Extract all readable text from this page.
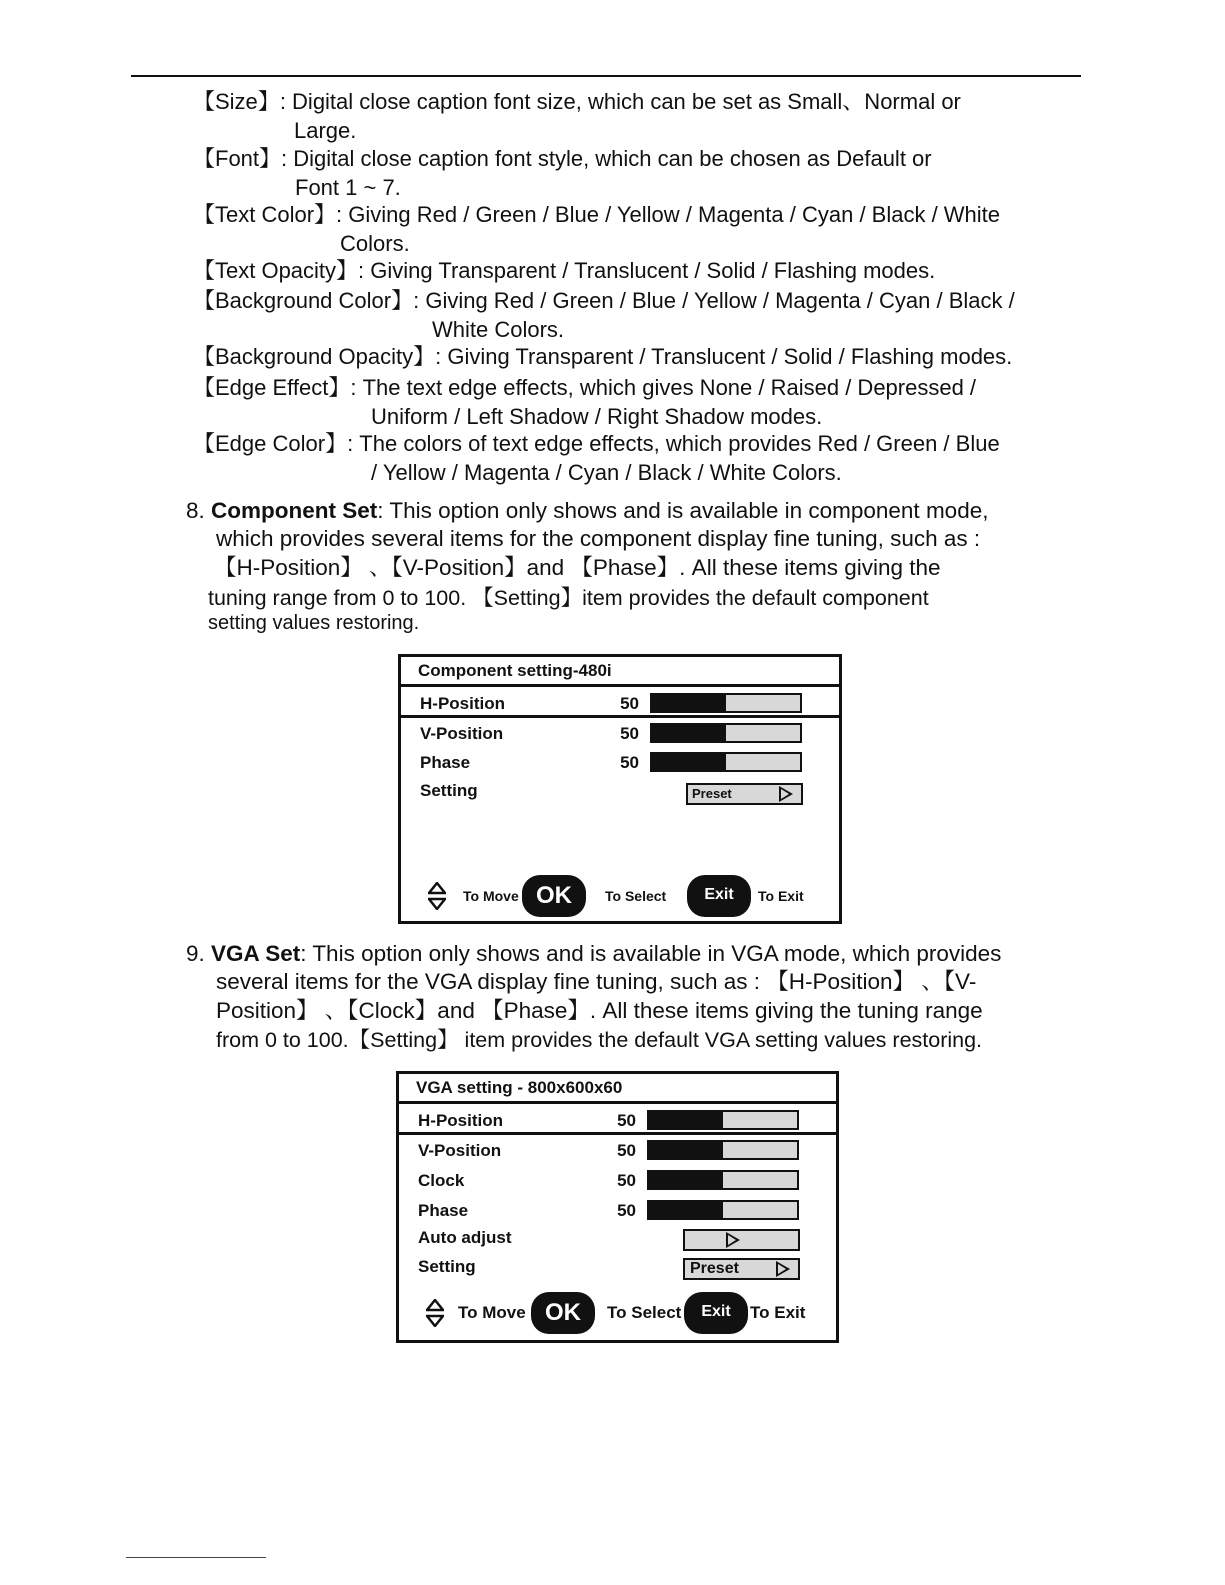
【Size】: Digital close caption font size, which can be set as Small、Normal or
Large.
【Font】: Digital close caption font style, which can be chosen as Default or
Font 1 ~ 7.
【Text Color】: Giving Red / Green / Blue / Yellow / Magenta / Cyan / Black / White
Colors.
【Text Opacity】: Giving Transparent / Translucent / Solid / Flashing modes.
【Background Color】: Giving Red / Green / Blue / Yellow / Magenta / Cyan / Black /
White Colors.
【Background Opacity】: Giving Transparent / Translucent / Solid / Flashing modes.
【Edge Effect】: The text edge effects, which gives None / Raised / Depressed /
Uniform / Left Shadow / Right Shadow modes.
【Edge Color】: The colors of text edge effects, which provides Red / Green / Blue
/ Yellow / Magenta / Cyan / Black / White Colors.
8. Component Set: This option only shows and is available in component mode,
which provides several items for the component display fine tuning, such as :
【H-Position】 、【V-Position】and 【Phase】. All these items giving the
tuning range from 0 to 100. 【Setting】item provides the default component
setting values restoring.
Component setting-480i
H-Position	50
V-Position	50
Phase	50
Setting	Preset
To Move OK	To Select	Exit	To Exit
9. VGA Set: This option only shows and is available in VGA mode, which provides
several items for the VGA display fine tuning, such as : 【H-Position】 、【V-
Position】 、【Clock】and 【Phase】. All these items giving the tuning range
from 0 to 100.【Setting】 item provides the default VGA setting values restoring.
VGA setting - 800x600x60
H-Position	50
V-Position	50
Clock	50
Phase	50
Auto adjust
Setting	Preset
To Move OK	To Select	Exit	To Exit
